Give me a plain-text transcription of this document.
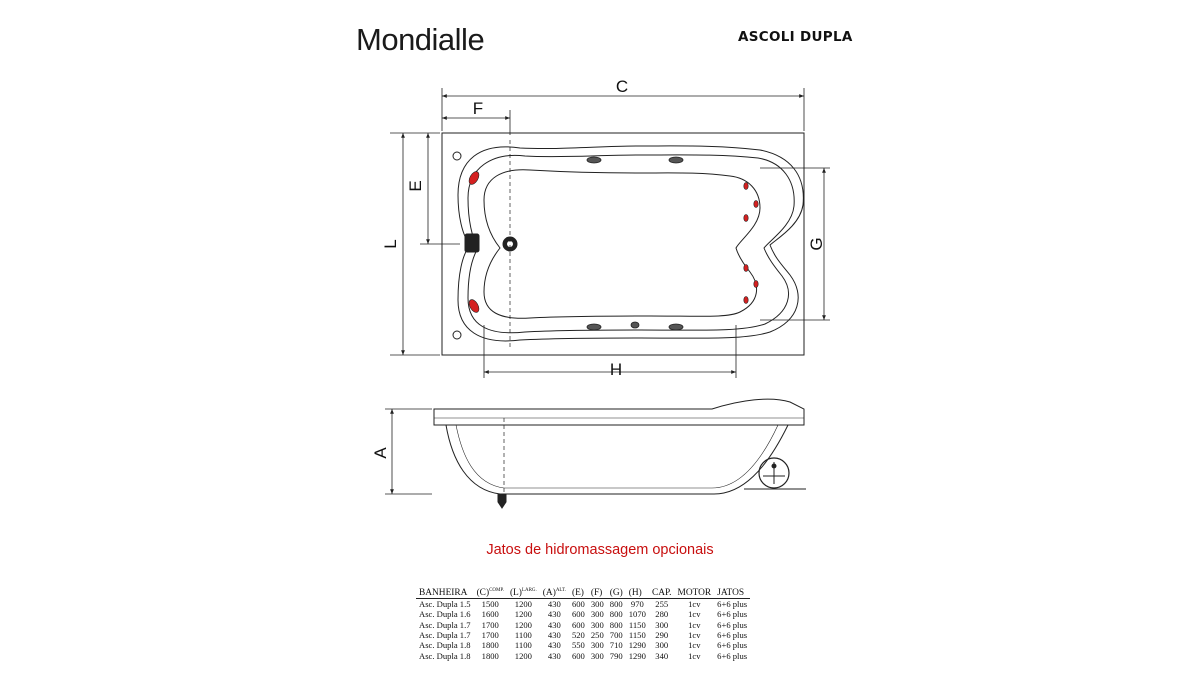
Mondialle	ASCOLI DUPLA
C
F
L
E
G
H
A
Jatos de hidromassagem opcionais
BANHEIRA	$(C)^{COMP.}$	$(L)^{LARG.}$	$(A)^{ALT.}$	(E)	(F)	(G)	(H)	CAP.	MOTOR	JATOS
Asc. Dupla 1.5	1500	1200	430	600	300	800	970	255	1cv	6+6 plus
Asc. Dupla 1.6	1600	1200	430	600	300	800	1070	280	1cv	6+6 plus
Asc. Dupla 1.7	1700	1200	430	600	300	800	1150	300	1cv	6+6 plus
Asc. Dupla 1.7	1700	1100	430	520	250	700	1150	290	1cv	6+6 plus
Asc. Dupla 1.8	1800	1100	430	550	300	710	1290	300	1cv	6+6 plus
Asc. Dupla 1.8	1800	1200	430	600	300	790	1290	340	1cv	6+6 plus
